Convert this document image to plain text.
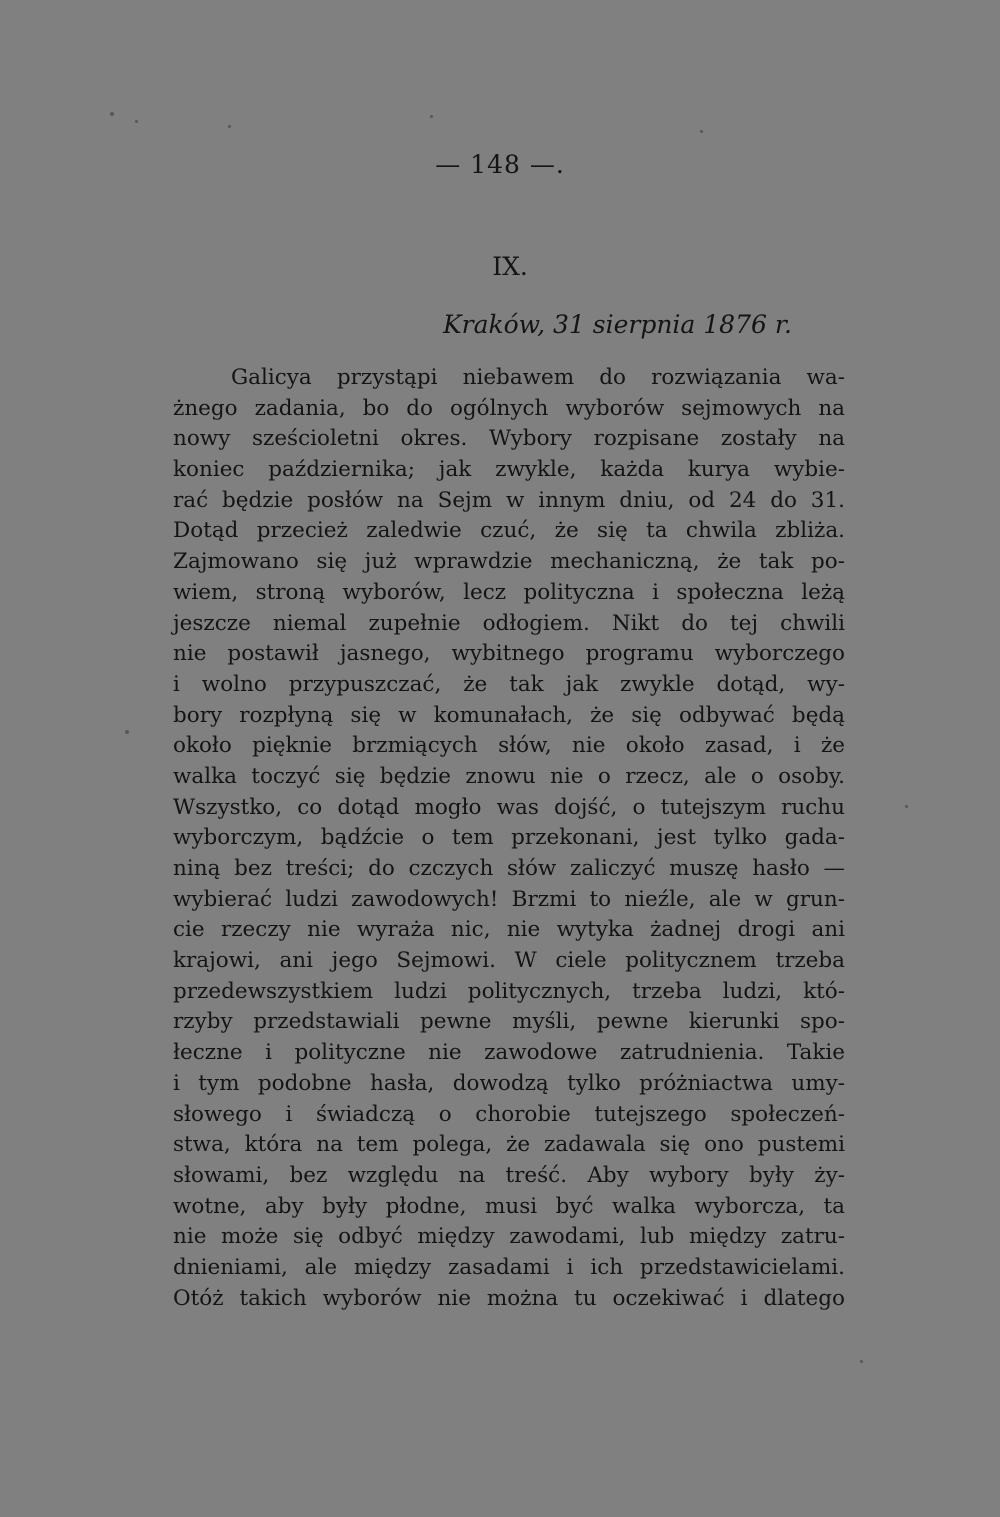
— 148 —.
IX.
Kraków, 31 sierpnia 1876 r.
Galicya przystąpi niebawem do rozwiązania wa-
żnego zadania, bo do ogólnych wyborów sejmowych na
nowy sześcioletni okres. Wybory rozpisane zostały na
koniec października; jak zwykle, każda kurya wybie-
rać będzie posłów na Sejm w innym dniu, od 24 do 31.
Dotąd przecież zaledwie czuć, że się ta chwila zbliża.
Zajmowano się już wprawdzie mechaniczną, że tak po-
wiem, stroną wyborów, lecz polityczna i społeczna leżą
jeszcze niemal zupełnie odłogiem. Nikt do tej chwili
nie postawił jasnego, wybitnego programu wyborczego
i wolno przypuszczać, że tak jak zwykle dotąd, wy-
bory rozpłyną się w komunałach, że się odbywać będą
około pięknie brzmiących słów, nie około zasad, i że
walka toczyć się będzie znowu nie o rzecz, ale o osoby.
Wszystko, co dotąd mogło was dojść, o tutejszym ruchu
wyborczym, bądźcie o tem przekonani, jest tylko gada-
niną bez treści; do czczych słów zaliczyć muszę hasło —
wybierać ludzi zawodowych! Brzmi to nieźle, ale w grun-
cie rzeczy nie wyraża nic, nie wytyka żadnej drogi ani
krajowi, ani jego Sejmowi. W ciele politycznem trzeba
przedewszystkiem ludzi politycznych, trzeba ludzi, któ-
rzyby przedstawiali pewne myśli, pewne kierunki spo-
łeczne i polityczne nie zawodowe zatrudnienia. Takie
i tym podobne hasła, dowodzą tylko próżniactwa umy-
słowego i świadczą o chorobie tutejszego społeczeń-
stwa, która na tem polega, że zadawala się ono pustemi
słowami, bez względu na treść. Aby wybory były ży-
wotne, aby były płodne, musi być walka wyborcza, ta
nie może się odbyć między zawodami, lub między zatru-
dnieniami, ale między zasadami i ich przedstawicielami.
Otóż takich wyborów nie można tu oczekiwać i dlatego
